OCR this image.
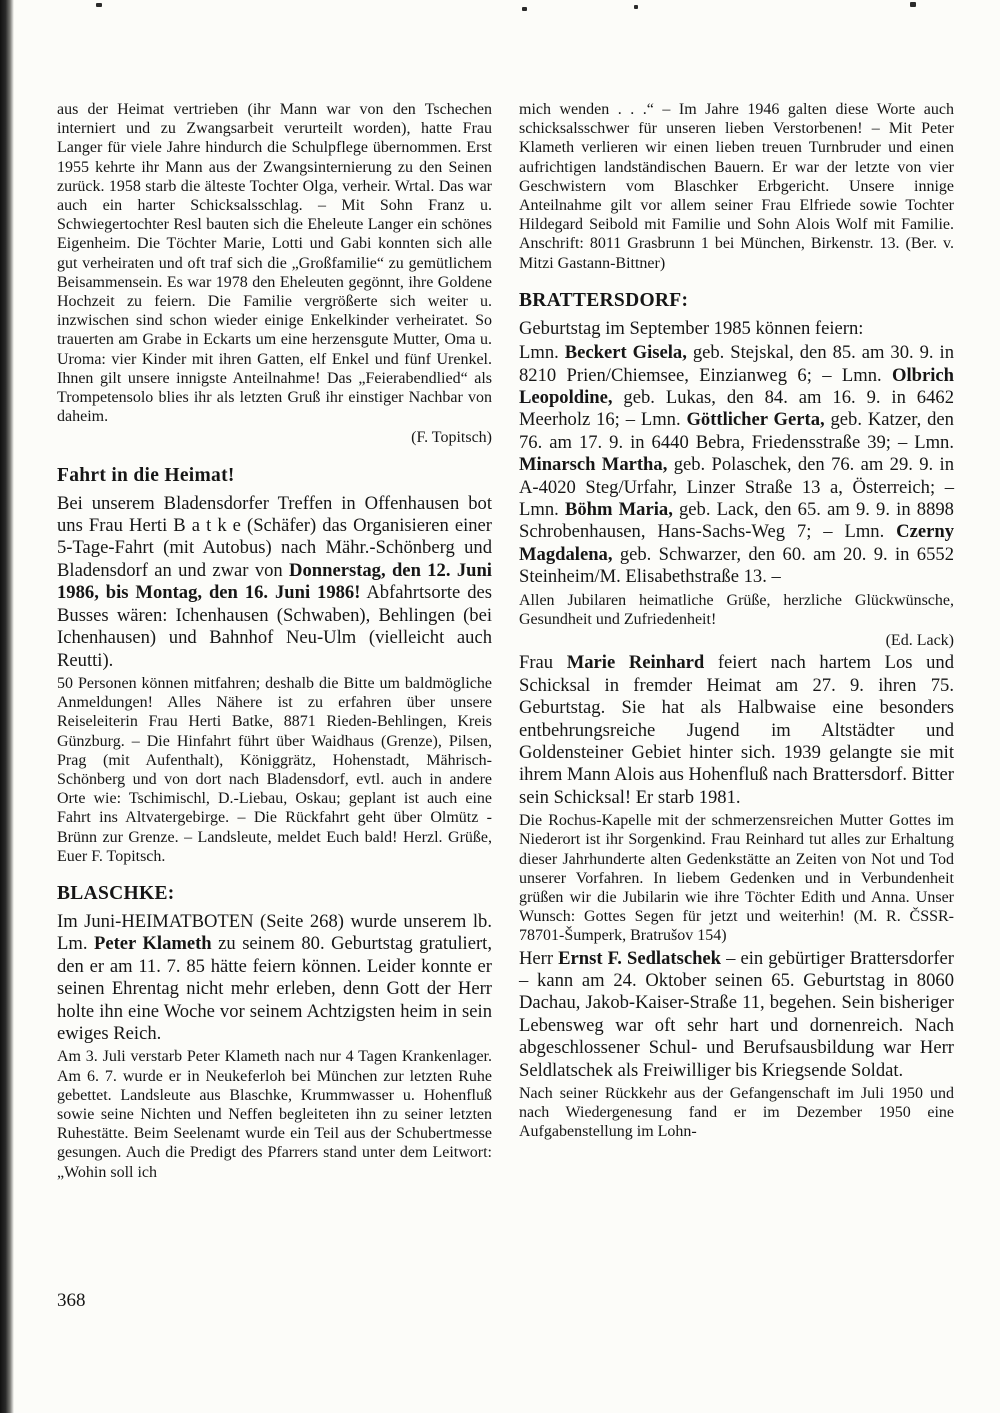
aus der Heimat vertrieben (ihr Mann war von den Tschechen interniert und zu Zwangsarbeit verurteilt worden), hatte Frau Langer für viele Jahre hindurch die Schulpflege übernommen. Erst 1955 kehrte ihr Mann aus der Zwangsinternierung zu den Seinen zurück. 1958 starb die älteste Tochter Olga, verheir. Wrtal. Das war auch ein harter Schicksalsschlag. – Mit Sohn Franz u. Schwiegertochter Resl bauten sich die Eheleute Langer ein schönes Eigenheim. Die Töchter Marie, Lotti und Gabi konnten sich alle gut verheiraten und oft traf sich die „Großfamilie“ zu gemütlichem Beisammensein. Es war 1978 den Eheleuten gegönnt, ihre Goldene Hochzeit zu feiern. Die Familie vergrößerte sich weiter u. inzwischen sind schon wieder einige Enkelkinder verheiratet. So trauerten am Grabe in Eckarts um eine herzensgute Mutter, Oma u. Uroma: vier Kinder mit ihren Gatten, elf Enkel und fünf Urenkel. Ihnen gilt unsere innigste Anteilnahme! Das „Feierabendlied“ als Trompetensolo blies ihr als letzten Gruß ihr einstiger Nachbar von daheim.
(F. Topitsch)
Fahrt in die Heimat!
Bei unserem Bladensdorfer Treffen in Offenhausen bot uns Frau Herti B a t k e (Schäfer) das Organisieren einer 5-Tage-Fahrt (mit Autobus) nach Mähr.-Schönberg und Bladensdorf an und zwar von Donnerstag, den 12. Juni 1986, bis Montag, den 16. Juni 1986! Abfahrtsorte des Busses wären: Ichenhausen (Schwaben), Behlingen (bei Ichenhausen) und Bahnhof Neu-Ulm (vielleicht auch Reutti).
50 Personen können mitfahren; deshalb die Bitte um baldmögliche Anmeldungen! Alles Nähere ist zu erfahren über unsere Reiseleiterin Frau Herti Batke, 8871 Rieden-Behlingen, Kreis Günzburg. – Die Hinfahrt führt über Waidhaus (Grenze), Pilsen, Prag (mit Aufenthalt), Königgrätz, Hohenstadt, Mährisch- Schönberg und von dort nach Bladensdorf, evtl. auch in andere Orte wie: Tschimischl, D.-Liebau, Oskau; geplant ist auch eine Fahrt ins Altvatergebirge. – Die Rückfahrt geht über Olmütz - Brünn zur Grenze. – Landsleute, meldet Euch bald! Herzl. Grüße, Euer F. Topitsch.
BLASCHKE:
Im Juni-HEIMATBOTEN (Seite 268) wurde unserem lb. Lm. Peter Klameth zu seinem 80. Geburtstag gratuliert, den er am 11. 7. 85 hätte feiern können. Leider konnte er seinen Ehrentag nicht mehr erleben, denn Gott der Herr holte ihn eine Woche vor seinem Achtzigsten heim in sein ewiges Reich.
Am 3. Juli verstarb Peter Klameth nach nur 4 Tagen Krankenlager. Am 6. 7. wurde er in Neukeferloh bei München zur letzten Ruhe gebettet. Landsleute aus Blaschke, Krummwasser u. Hohenfluß sowie seine Nichten und Neffen begleiteten ihn zu seiner letzten Ruhestätte. Beim Seelenamt wurde ein Teil aus der Schubertmesse gesungen. Auch die Predigt des Pfarrers stand unter dem Leitwort: „Wohin soll ich
mich wenden . . .“ – Im Jahre 1946 galten diese Worte auch schicksalsschwer für unseren lieben Verstorbenen! – Mit Peter Klameth verlieren wir einen lieben treuen Turnbruder und einen aufrichtigen landständischen Bauern. Er war der letzte von vier Geschwistern vom Blaschker Erbgericht. Unsere innige Anteilnahme gilt vor allem seiner Frau Elfriede sowie Tochter Hildegard Seibold mit Familie und Sohn Alois Wolf mit Familie. Anschrift: 8011 Grasbrunn 1 bei München, Birkenstr. 13. (Ber. v. Mitzi Gastann-Bittner)
BRATTERSDORF:
Geburtstag im September 1985 können feiern:
Lmn. Beckert Gisela, geb. Stejskal, den 85. am 30. 9. in 8210 Prien/Chiemsee, Einzianweg 6; – Lmn. Olbrich Leopoldine, geb. Lukas, den 84. am 16. 9. in 6462 Meerholz 16; – Lmn. Göttlicher Gerta, geb. Katzer, den 76. am 17. 9. in 6440 Bebra, Friedensstraße 39; – Lmn. Minarsch Martha, geb. Polaschek, den 76. am 29. 9. in A-4020 Steg/Urfahr, Linzer Straße 13 a, Österreich; – Lmn. Böhm Maria, geb. Lack, den 65. am 9. 9. in 8898 Schrobenhausen, Hans-Sachs-Weg 7; – Lmn. Czerny Magdalena, geb. Schwarzer, den 60. am 20. 9. in 6552 Steinheim/M. Elisabethstraße 13. –
Allen Jubilaren heimatliche Grüße, herzliche Glückwünsche, Gesundheit und Zufriedenheit!
(Ed. Lack)
Frau Marie Reinhard feiert nach hartem Los und Schicksal in fremder Heimat am 27. 9. ihren 75. Geburtstag. Sie hat als Halbwaise eine besonders entbehrungsreiche Jugend im Altstädter und Goldensteiner Gebiet hinter sich. 1939 gelangte sie mit ihrem Mann Alois aus Hohenfluß nach Brattersdorf. Bitter sein Schicksal! Er starb 1981.
Die Rochus-Kapelle mit der schmerzensreichen Mutter Gottes im Niederort ist ihr Sorgenkind. Frau Reinhard tut alles zur Erhaltung dieser Jahrhunderte alten Gedenkstätte an Zeiten von Not und Tod unserer Vorfahren. In liebem Gedenken und in Verbundenheit grüßen wir die Jubilarin wie ihre Töchter Edith und Anna. Unser Wunsch: Gottes Segen für jetzt und weiterhin! (M. R. ČSSR-78701-Šumperk, Bratrušov 154)
Herr Ernst F. Sedlatschek – ein gebürtiger Brattersdorfer – kann am 24. Oktober seinen 65. Geburtstag in 8060 Dachau, Jakob-Kaiser-Straße 11, begehen. Sein bisheriger Lebensweg war oft sehr hart und dornenreich. Nach abgeschlossener Schul- und Berufsausbildung war Herr Seldlatschek als Freiwilliger bis Kriegsende Soldat.
Nach seiner Rückkehr aus der Gefangenschaft im Juli 1950 und nach Wiedergenesung fand er im Dezember 1950 eine Aufgabenstellung im Lohn-
368
